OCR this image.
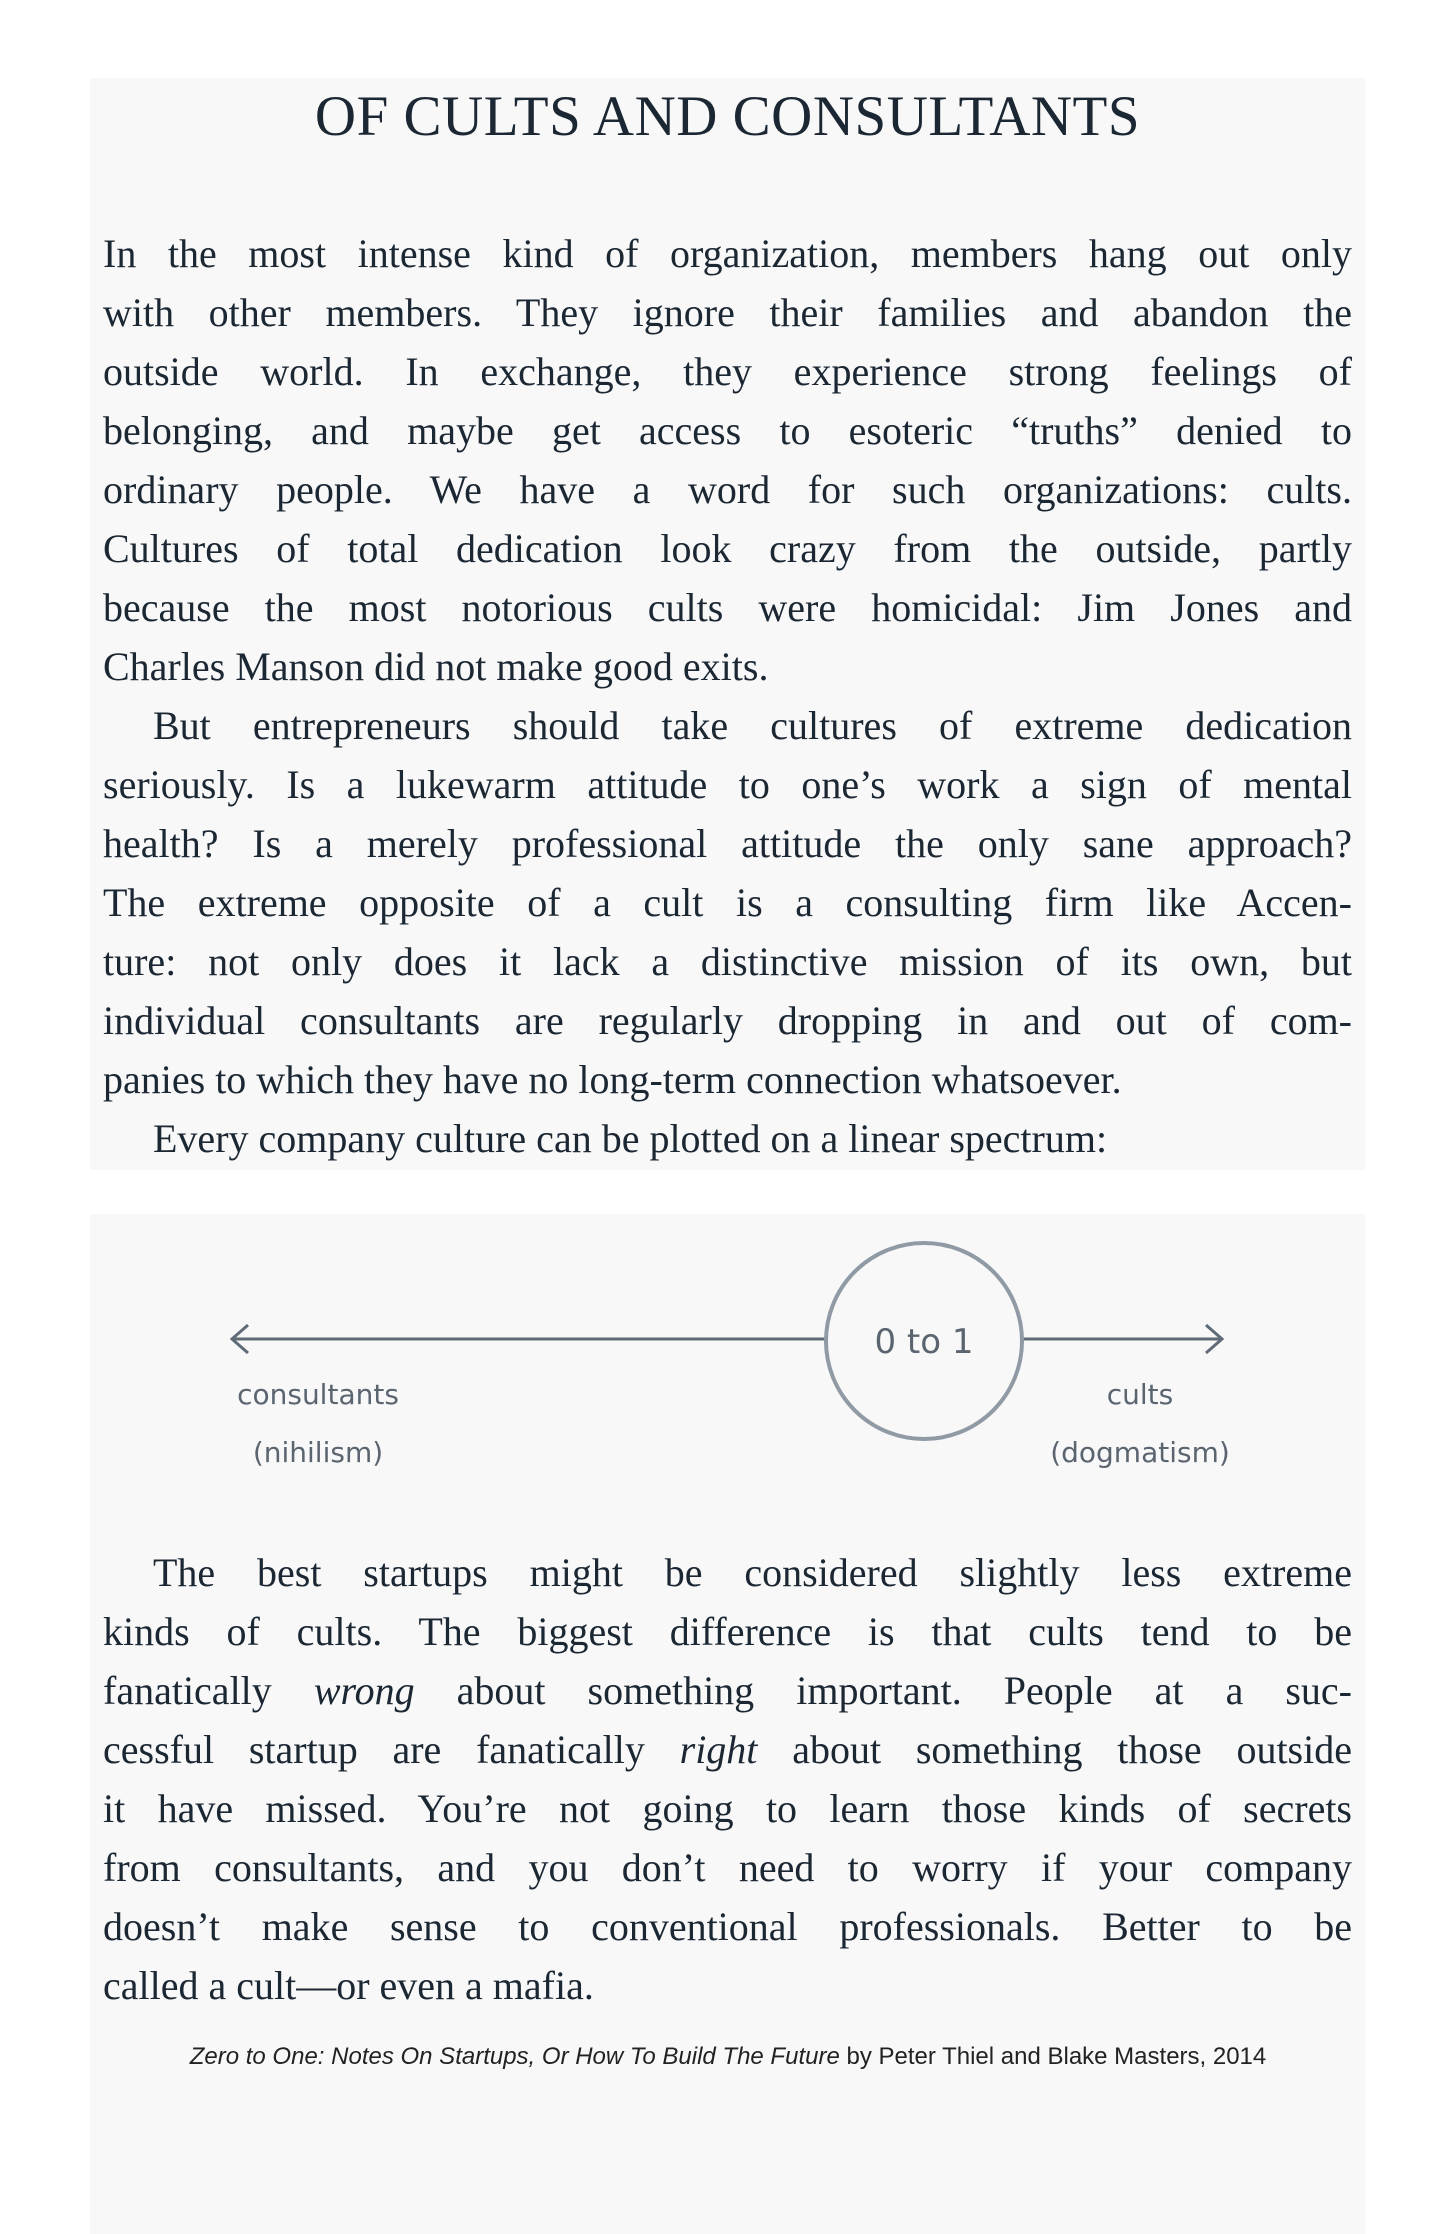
OF CULTS AND CONSULTANTS

In the most intense kind of organization, members hang out only
with other members. They ignore their families and abandon the
outside world. In exchange, they experience strong feelings of
belonging, and maybe get access to esoteric “truths” denied to
ordinary people. We have a word for such organizations: cults.
Cultures of total dedication look crazy from the outside, partly
because the most notorious cults were homicidal: Jim Jones and
Charles Manson did not make good exits.

But entrepreneurs should take cultures of extreme dedication
seriously. Is a lukewarm attitude to one’s work a sign of mental
health? Is a merely professional attitude the only sane approach?
The extreme opposite of a cult is a consulting firm like Accen-
ture: not only does it lack a distinctive mission of its own, but
individual consultants are regularly dropping in and out of com-
panies to which they have no long-term connection whatsoever.

Every company culture can be plotted on a linear spectrum:

0 to 1
consultants
(nihilism)
cults
(dogmatism)

The best startups might be considered slightly less extreme
kinds of cults. The biggest difference is that cults tend to be
fanatically wrong about something important. People at a suc-
cessful startup are fanatically right about something those outside
it have missed. You’re not going to learn those kinds of secrets
from consultants, and you don’t need to worry if your company
doesn’t make sense to conventional professionals. Better to be
called a cult—or even a mafia.

Zero to One: Notes On Startups, Or How To Build The Future by Peter Thiel and Blake Masters, 2014
